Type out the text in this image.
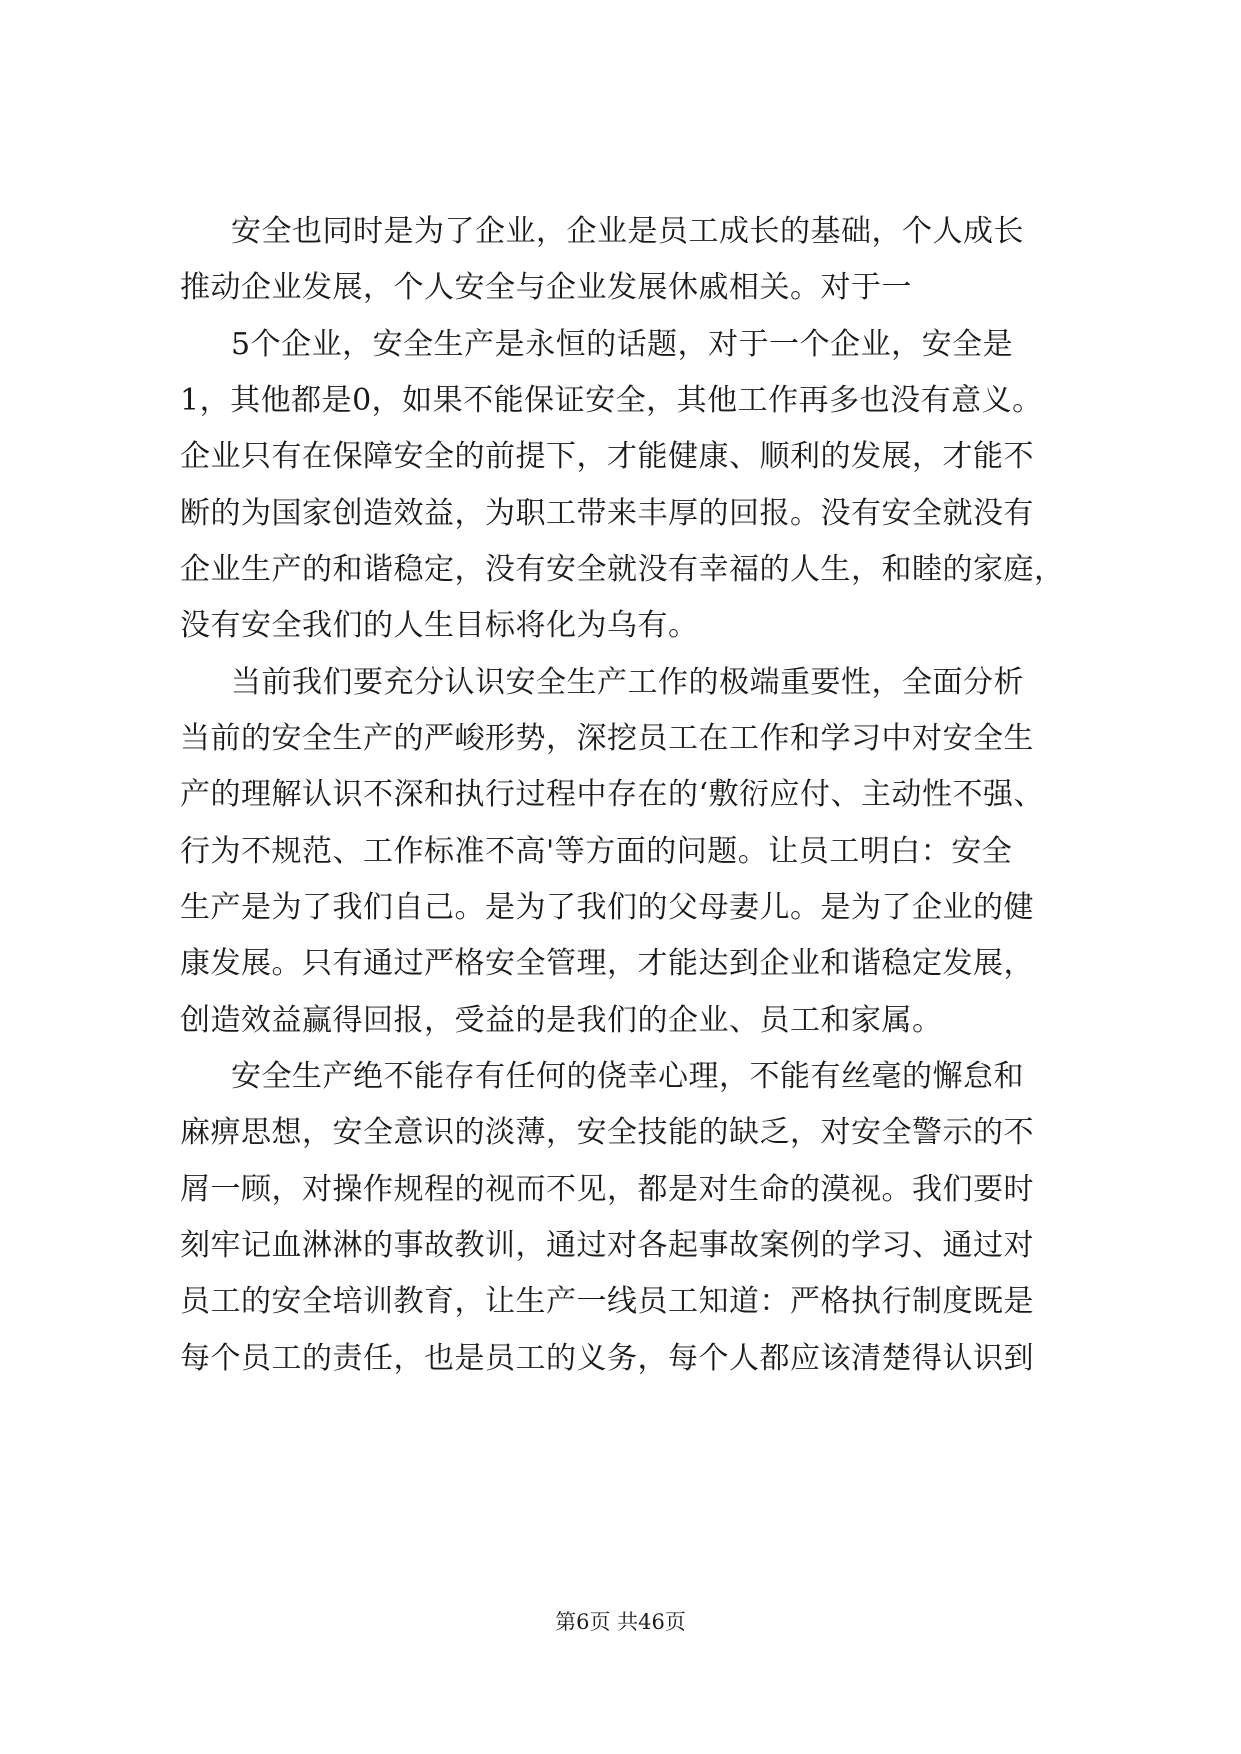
安全也同时是为了企业，企业是员工成长的基础，个人成长
推动企业发展，个人安全与企业发展休戚相关。对于一
5个企业，安全生产是永恒的话题，对于一个企业，安全是
1，其他都是0，如果不能保证安全，其他工作再多也没有意义。
企业只有在保障安全的前提下，才能健康、顺利的发展，才能不
断的为国家创造效益，为职工带来丰厚的回报。没有安全就没有
企业生产的和谐稳定，没有安全就没有幸福的人生，和睦的家庭，
没有安全我们的人生目标将化为乌有。
当前我们要充分认识安全生产工作的极端重要性，全面分析
当前的安全生产的严峻形势，深挖员工在工作和学习中对安全生
产的理解认识不深和执行过程中存在的‘敷衍应付、主动性不强、
行为不规范、工作标准不高'等方面的问题。让员工明白：安全
生产是为了我们自己。是为了我们的父母妻儿。是为了企业的健
康发展。只有通过严格安全管理，才能达到企业和谐稳定发展，
创造效益赢得回报，受益的是我们的企业、员工和家属。
安全生产绝不能存有任何的侥幸心理，不能有丝毫的懈怠和
麻痹思想，安全意识的淡薄，安全技能的缺乏，对安全警示的不
屑一顾，对操作规程的视而不见，都是对生命的漠视。我们要时
刻牢记血淋淋的事故教训，通过对各起事故案例的学习、通过对
员工的安全培训教育，让生产一线员工知道：严格执行制度既是
每个员工的责任，也是员工的义务，每个人都应该清楚得认识到
第6页 共46页
